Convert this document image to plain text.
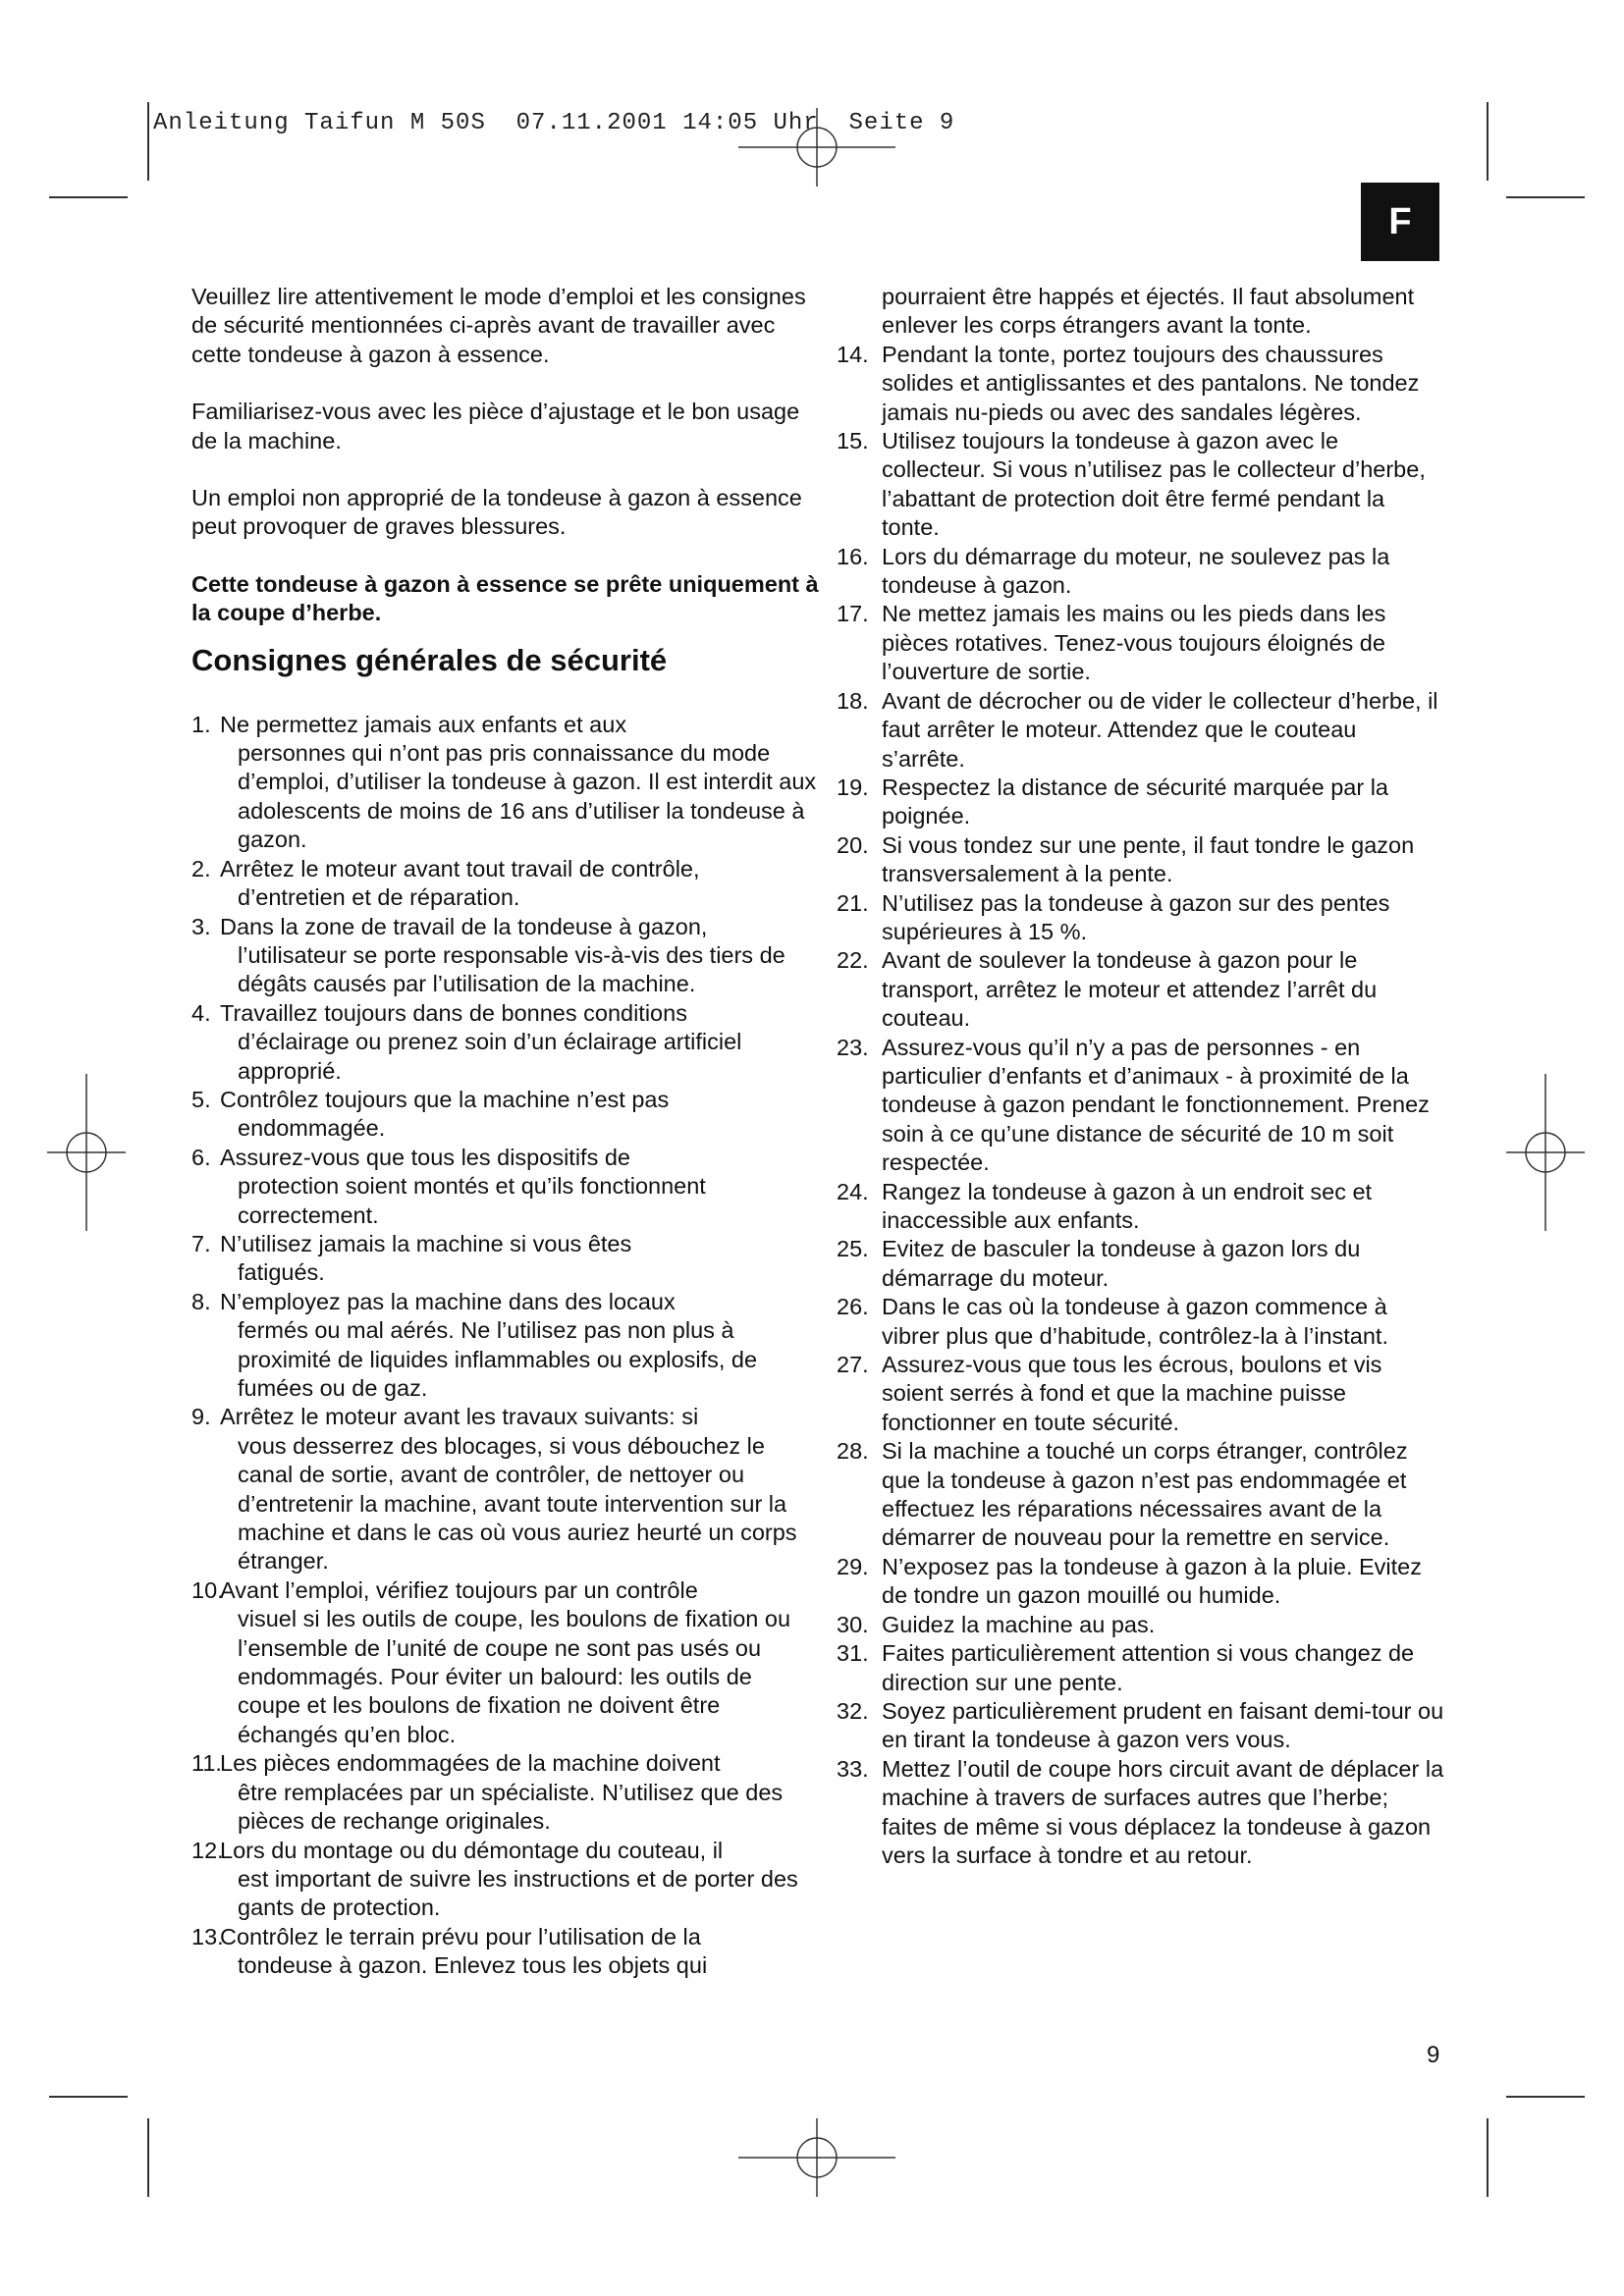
Anleitung Taifun M 50S  07.11.2001 14:05 Uhr  Seite 9
F

Veuillez lire attentivement le mode d’emploi et les consignes de sécurité mentionnées ci-après avant de travailler avec cette tondeuse à gazon à essence.

Familiarisez-vous avec les pièce d’ajustage et le bon usage de la machine.

Un emploi non approprié de la tondeuse à gazon à essence peut provoquer de graves blessures.

Cette tondeuse à gazon à essence se prête uniquement à la coupe d’herbe.

Consignes générales de sécurité
1. Ne permettez jamais aux enfants et aux
personnes qui n’ont pas pris connaissance du mode d’emploi, d’utiliser la tondeuse à gazon. Il est interdit aux adolescents de moins de 16 ans d’utiliser la tondeuse à gazon.
2. Arrêtez le moteur avant tout travail de contrôle,
d’entretien et de réparation.
3. Dans la zone de travail de la tondeuse à gazon,
l’utilisateur se porte responsable vis-à-vis des tiers de dégâts causés par l’utilisation de la machine.
4. Travaillez toujours dans de bonnes conditions
d’éclairage ou prenez soin d’un éclairage artificiel approprié.
5. Contrôlez toujours que la machine n’est pas
endommagée.
6. Assurez-vous que tous les dispositifs de
protection soient montés et qu’ils fonctionnent correctement.
7. N’utilisez jamais la machine si vous êtes
fatigués.
8. N’employez pas la machine dans des locaux
fermés ou mal aérés. Ne l’utilisez pas non plus à proximité de liquides inflammables ou explosifs, de fumées ou de gaz.
9. Arrêtez le moteur avant les travaux suivants: si
vous desserrez des blocages, si vous débouchez le canal de sortie, avant de contrôler, de nettoyer ou d’entretenir la machine, avant toute intervention sur la machine et dans le cas où vous auriez heurté un corps étranger.
10.
Avant l’emploi, vérifiez toujours par un contrôle
visuel si les outils de coupe, les boulons de fixation ou l’ensemble de l’unité de coupe ne sont pas usés ou endommagés. Pour éviter un balourd: les outils de coupe et les boulons de fixation ne doivent être échangés qu’en bloc.
11.
Les pièces endommagées de la machine doivent
être remplacées par un spécialiste. N’utilisez que des pièces de rechange originales.
12.
Lors du montage ou du démontage du couteau, il
est important de suivre les instructions et de porter des gants de protection.
13.
Contrôlez le terrain prévu pour l’utilisation de la
tondeuse à gazon. Enlevez tous les objets qui
pourraient être happés et éjectés. Il faut absolument enlever les corps étrangers avant la tonte.
14. Pendant la tonte, portez toujours des chaussures solides et antiglissantes et des pantalons. Ne tondez jamais nu-pieds ou avec des sandales légères.
15. Utilisez toujours la tondeuse à gazon avec le collecteur. Si vous n’utilisez pas le collecteur d’herbe, l’abattant de protection doit être fermé pendant la tonte.
16. Lors du démarrage du moteur, ne soulevez pas la tondeuse à gazon.
17. Ne mettez jamais les mains ou les pieds dans les pièces rotatives. Tenez-vous toujours éloignés de l’ouverture de sortie.
18. Avant de décrocher ou de vider le collecteur d’herbe, il faut arrêter le moteur. Attendez que le couteau s’arrête.
19. Respectez la distance de sécurité marquée par la poignée.
20. Si vous tondez sur une pente, il faut tondre le gazon transversalement à la pente.
21. N’utilisez pas la tondeuse à gazon sur des pentes supérieures à 15 %.
22. Avant de soulever la tondeuse à gazon pour le transport, arrêtez le moteur et attendez l’arrêt du couteau.
23. Assurez-vous qu’il n’y a pas de personnes - en particulier d’enfants et d’animaux - à proximité de la tondeuse à gazon pendant le fonctionnement. Prenez soin à ce qu’une distance de sécurité de 10 m soit respectée.
24. Rangez la tondeuse à gazon à un endroit sec et inaccessible aux enfants.
25. Evitez de basculer la tondeuse à gazon lors du démarrage du moteur.
26. Dans le cas où la tondeuse à gazon commence à vibrer plus que d’habitude, contrôlez-la à l’instant.
27. Assurez-vous que tous les écrous, boulons et vis soient serrés à fond et que la machine puisse fonctionner en toute sécurité.
28. Si la machine a touché un corps étranger, contrôlez que la tondeuse à gazon n’est pas endommagée et effectuez les réparations nécessaires avant de la démarrer de nouveau pour la remettre en service.
29. N’exposez pas la tondeuse à gazon à la pluie. Evitez de tondre un gazon mouillé ou humide.
30. Guidez la machine au pas.
31. Faites particulièrement attention si vous changez de direction sur une pente.
32. Soyez particulièrement prudent en faisant demi-tour ou en tirant la tondeuse à gazon vers vous.
33. Mettez l’outil de coupe hors circuit avant de déplacer la machine à travers de surfaces autres que l’herbe; faites de même si vous déplacez la tondeuse à gazon vers la surface à tondre et au retour.
9
